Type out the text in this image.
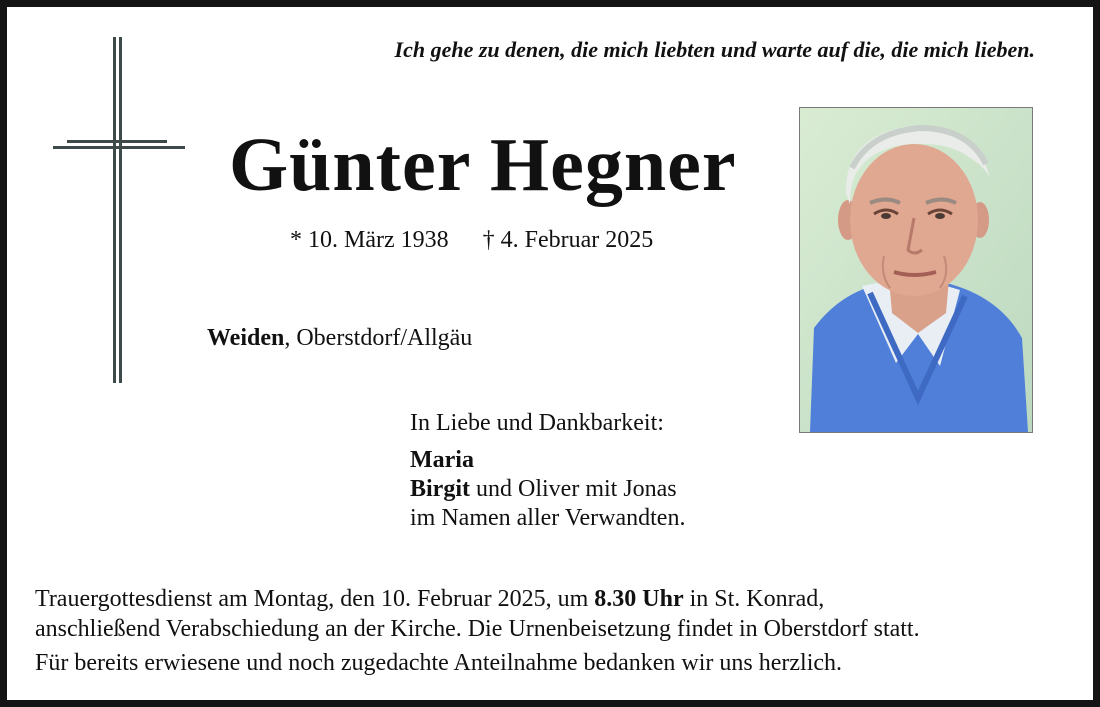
Ich gehe zu denen, die mich liebten und warte auf die, die mich lieben.
Günter Hegner
* 10. März 1938 † 4. Februar 2025
Weiden, Oberstdorf/Allgäu
In Liebe und Dankbarkeit:
Maria
Birgit und Oliver mit Jonas
im Namen aller Verwandten.
Trauergottesdienst am Montag, den 10. Februar 2025, um 8.30 Uhr in St. Konrad,
anschließend Verabschiedung an der Kirche. Die Urnenbeisetzung findet in Oberstdorf statt.
Für bereits erwiesene und noch zugedachte Anteilnahme bedanken wir uns herzlich.
